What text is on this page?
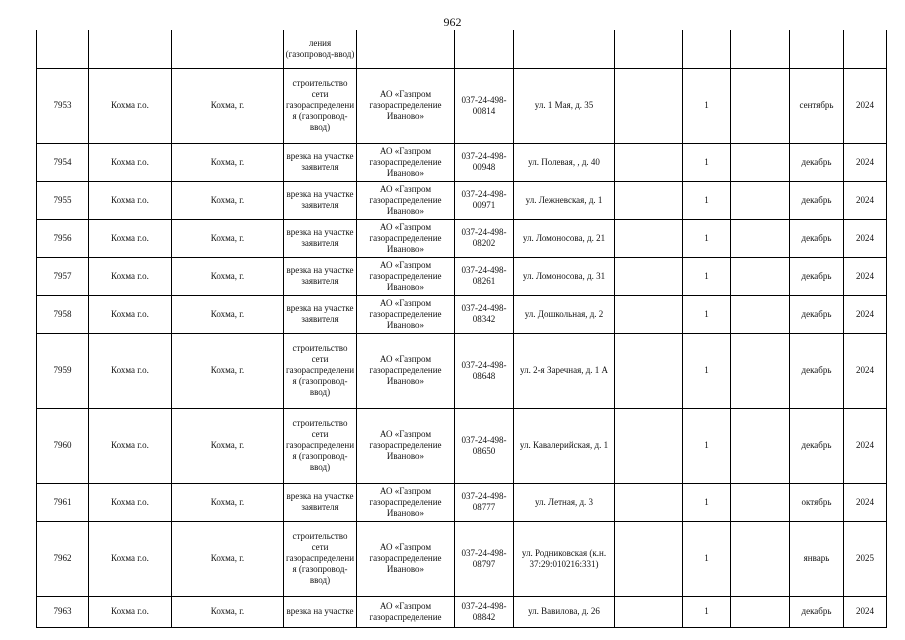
962
			ления (газопровод-ввод)								
7953	Кохма г.о.	Кохма, г.	строительство сети газораспределения (газопровод-ввод)	АО «Газпром газораспределение Иваново»	037-24-498-00814	ул. 1 Мая, д. 35		1		сентябрь	2024
7954	Кохма г.о.	Кохма, г.	врезка на участке заявителя	АО «Газпром газораспределение Иваново»	037-24-498-00948	ул. Полевая, , д. 40		1		декабрь	2024
7955	Кохма г.о.	Кохма, г.	врезка на участке заявителя	АО «Газпром газораспределение Иваново»	037-24-498-00971	ул. Лежневская, д. 1		1		декабрь	2024
7956	Кохма г.о.	Кохма, г.	врезка на участке заявителя	АО «Газпром газораспределение Иваново»	037-24-498-08202	ул. Ломоносова, д. 21		1		декабрь	2024
7957	Кохма г.о.	Кохма, г.	врезка на участке заявителя	АО «Газпром газораспределение Иваново»	037-24-498-08261	ул. Ломоносова, д. 31		1		декабрь	2024
7958	Кохма г.о.	Кохма, г.	врезка на участке заявителя	АО «Газпром газораспределение Иваново»	037-24-498-08342	ул. Дошкольная, д. 2		1		декабрь	2024
7959	Кохма г.о.	Кохма, г.	строительство сети газораспределения (газопровод-ввод)	АО «Газпром газораспределение Иваново»	037-24-498-08648	ул. 2-я Заречная, д. 1 А		1		декабрь	2024
7960	Кохма г.о.	Кохма, г.	строительство сети газораспределения (газопровод-ввод)	АО «Газпром газораспределение Иваново»	037-24-498-08650	ул. Кавалерийская, д. 1		1		декабрь	2024
7961	Кохма г.о.	Кохма, г.	врезка на участке заявителя	АО «Газпром газораспределение Иваново»	037-24-498-08777	ул. Летная, д. 3		1		октябрь	2024
7962	Кохма г.о.	Кохма, г.	строительство сети газораспределения (газопровод-ввод)	АО «Газпром газораспределение Иваново»	037-24-498-08797	ул. Родниковская (к.н. 37:29:010216:331)		1		январь	2025
7963	Кохма г.о.	Кохма, г.	врезка на участке	АО «Газпром газораспределение	037-24-498-08842	ул. Вавилова, д. 26		1		декабрь	2024
